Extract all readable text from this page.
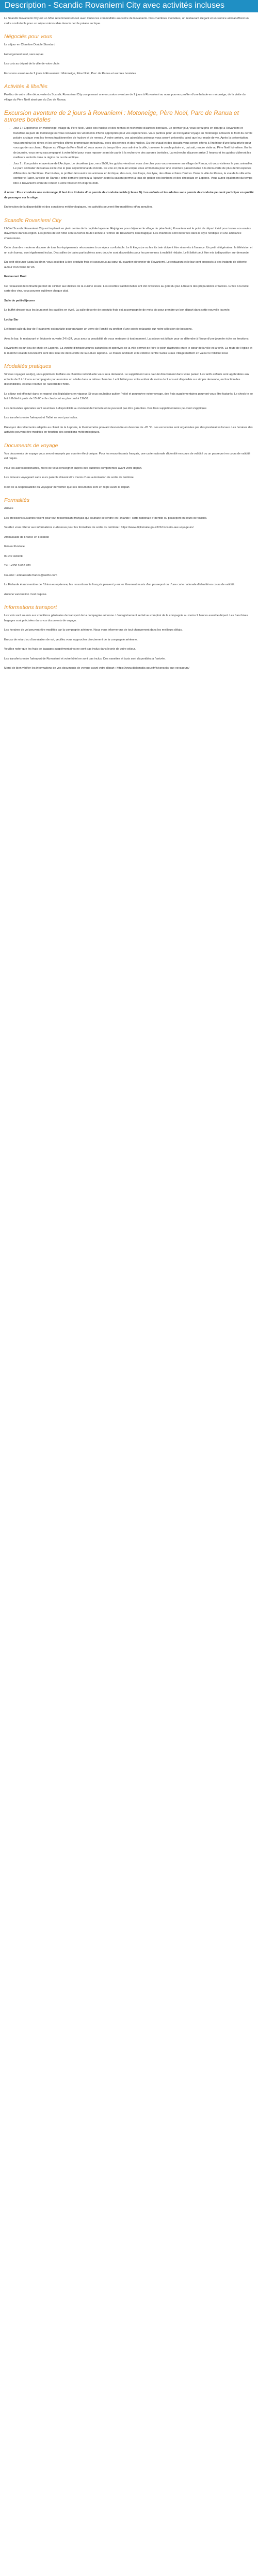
Description - Scandic Rovaniemi City avec activités incluses

Le Scandic Rovaniemi City est un hôtel récemment rénové avec toutes les commodités au centre de Rovaniemi. Des chambres modulées, un restaurant élégant et un service amical offrent un cadre confortable pour un séjour mémorable dans le cercle polaire arctique.

Négociés pour vous

Le séjour en Chambre Double Standard

Hébergement seul, sans repas

Les cots au départ de la ville de votre choix

Excursion aventure de 2 jours à Rovaniemi : Motoneige, Père Noël, Parc de Ranua et aurores boréales

Activités & libellés

Profitez de votre offre découverte du Scandic Rovaniemi City comprenant une excursion aventure de 2 jours à Rovaniemi au nous pourrez profiter d'une balade en motoneige, de la visite du village du Père Noël ainsi que du Zoo de Ranua.

Excursion aventure de 2 jours à Rovaniemi : Motoneige, Père Noël, Parc de Ranua et aurores boréales
• Jour 1 : Expérience en motoneige, village du Père Noël, visite des huskys et des rennes et recherche d'aurores boréales. Le premier jour, vous serez pris en charge à Rovaniemi et transféré au parc de motoneige où vous recevrez les vêtements d'hiver appropriés pour vos expériences. Vous partirez pour un incroyable voyage en motoneige à travers la forêt du cercle polaire arctique vers les fermes traditionnelles de huskys et de rennes. À votre arrivée, vos adorables animaux vous seront présentés, ainsi que leur mode de vie. Après la présentation, vous prendrez les rênes et les semelles d'hiver promenade en traîneau avec des rennes et des huskys. Du thé chaud et des biscuits vous seront offerts à l'intérieur d'une kota privée pour vous garder au chaud. Rejoue au Village du Père Noël où vous aurez du temps libre pour admirer la ville, traverser le cercle polaire et, qui sait, rendre visite au Père Noël lui-même. En fin de journée, vous serez raccompagné à votre hôtel pour vous reposer avant de partir à la recherche des aurores boréales. La recherche d'aurore arrive 2 heures et les guides cibleront les meilleurs endroits dans la région du cercle arctique.
• Jour 2 : Zoo polaire et aventure de l'Arctique. Le deuxième jour, vers 9h30, les guides viendront vous chercher pour vous emmener au village de Ranua, où vous visiterez le parc animalier. Le parc animalier de Ranua est le zoo le plus septentrional du monde. Ce zoo en plein air unique vous emmènera pour une aventure passionnante à la découverte de plus de 50 espèces différentes de l'Arctique. Parmi elles, le profiler découvrira les animaux en Arctique, des ours, des loups, des lynx, des élans et bien d'autres. Dans la ville de Ranua, la vue de la ville et la confiserie Fazer, la visite de Ranua : cette dernière (pensez à l'ajouter avant la saison) permet à tous de goûter des bonbons et des chocolats en Laponie. Vous aurez également du temps libre à Rovaniemi avant de rentrer à votre hôtel en fin d'après-midi.

À noter : Pour conduire une motoneige, il faut être titulaire d'un permis de conduire valide (classe B). Les enfants et les adultes sans permis de conduire peuvent participer en qualité de passager sur le siège.

En fonction de la disponibilité et des conditions météorologiques, les activités peuvent être modifiées et/ou annulées.

Scandic Rovaniemi City

L'hôtel Scandic Rovaniemi City est implanté en plein centre de la capitale laponne. Rejoignez pour déjeuner le village du père Noël, Rovaniemi est le point de départ idéal pour toutes vos envies d'aventure dans la région. Les portes de cet hôtel sont ouvertes toute l'année à l'entrée de Rovaniemi, lieu magique. Les chambres sont décorées dans le style nordique et une ambiance chaleureuse.

Cette chambre moderne dispose de tous les équipements nécessaires à un séjour confortable. Le lit king-size ou les lits twin doivent être réservés à l'avance. Un petit réfrigérateur, la télévision et un coin bureau sont également inclus. Des salles de bains particulières avec douche sont disponibles pour les personnes à mobilité réduite. Le lit bébé peut être mis à disposition sur demande.

Du petit-déjeuner jusqu'au dîner, vous accédez à des produits frais et savoureux au cœur du quartier piétonnier de Rovaniemi. Le restaurant et le bar sont proposés à des instants de détente autour d'un verre de vin.

Restaurant Boel

Ce restaurant décontracté permet de s'initier aux délices de la cuisine locale. Les recettes traditionnelles ont été revisitées au goût du jour à travers des préparations créatives. Grâce à la belle carte des vins, vous pourrez sublimer chaque plat.

Salle de petit-déjeuner

Le buffet dressé tous les jours met les papilles en éveil. La salle décorée de produits frais est accompagnée de mets bio pour prendre un bon départ dans cette nouvelle journée.

Lobby Bar

L'élégant salle du bar de Rovaniemi est parfaite pour partager un verre de l'amitié ou profiter d'une soirée relaxante sur notre sélection de boissons.

Avec le bar, le restaurant et l'épicerie ouverte 24 h/24, vous avez la possibilité de vous restaurer à tout moment. La saison est idéale pour se détendre à l'issue d'une journée riche en émotions.

Rovaniemi est un lieu de choix en Laponie. La variété d'infrastructures culturelles et sportives de la ville permet de faire le plein d'activités entre le cœur de la ville et la forêt. La route de l'église et le marché local de Rovaniemi sont des lieux de découverte de la culture laponne. Le musée Arktikum et le célèbre centre Santa Claus Village mettent en valeur le folklore local.

Modalités pratiques

Si vous voyagez seul(e), un supplément tarifaire en chambre individuelle vous sera demandé. Le supplément sera calculé directement dans votre panier. Les tarifs enfants sont applicables aux enfants de 2 à 12 ans accompagnés par au moins un adulte dans la même chambre. Le lit bébé pour votre enfant de moins de 2 ans est disponible sur simple demande, en fonction des disponibilités, et sous réserve de l'accord de l'hôtel.

Le séjour est effectué dans le respect des législations en vigueur. Si vous souhaitez quitter l'hôtel et poursuivre votre voyage, des frais supplémentaires pourront vous être facturés. Le check-in se fait à l'hôtel à partir de 15h00 et le check-out au plus tard à 12h00.

Les demandes spéciales sont soumises à disponibilité au moment de l'arrivée et ne peuvent pas être garanties. Des frais supplémentaires peuvent s'appliquer.

Les transferts entre l'aéroport et l'hôtel ne sont pas inclus.

Prévoyez des vêtements adaptés au climat de la Laponie, le thermomètre pouvant descendre en dessous de -20 °C. Les excursions sont organisées par des prestataires locaux. Les horaires des activités peuvent être modifiés en fonction des conditions météorologiques.

Documents de voyage

Vos documents de voyage vous seront envoyés par courrier électronique. Pour les ressortissants français, une carte nationale d'identité en cours de validité ou un passeport en cours de validité est requis.

Pour les autres nationalités, merci de vous renseigner auprès des autorités compétentes avant votre départ.

Les mineurs voyageant sans leurs parents doivent être munis d'une autorisation de sortie de territoire.

Il est de la responsabilité du voyageur de vérifier que ses documents sont en règle avant le départ.

Formalités

Arrivée

Les précisions suivantes valent pour tout ressortissant français qui souhaite se rendre en Finlande : carte nationale d'identité ou passeport en cours de validité.

Veuillez vous référer aux informations ci-dessous pour les formalités de sortie du territoire : https://www.diplomatie.gouv.fr/fr/conseils-aux-voyageurs/

Ambassade de France en Finlande

Itainen Puistotie

00140 Helsinki

Tél : +358 9 618 780

Courriel : ambassade.france@welho.com

La Finlande étant membre de l'Union européenne, les ressortissants français peuvent y entrer librement munis d'un passeport ou d'une carte nationale d'identité en cours de validité.

Aucune vaccination n'est requise.

Informations transport

Les vols sont soumis aux conditions générales de transport de la compagnie aérienne. L'enregistrement se fait au comptoir de la compagnie au moins 2 heures avant le départ. Les franchises bagages sont précisées dans vos documents de voyage.

Les horaires de vol peuvent être modifiés par la compagnie aérienne. Nous vous informerons de tout changement dans les meilleurs délais.

En cas de retard ou d'annulation de vol, veuillez vous rapprocher directement de la compagnie aérienne.

Veuillez noter que les frais de bagages supplémentaires ne sont pas inclus dans le prix de votre séjour.

Les transferts entre l'aéroport de Rovaniemi et votre hôtel ne sont pas inclus. Des navettes et taxis sont disponibles à l'arrivée.

Merci de bien vérifier les informations de vos documents de voyage avant votre départ : https://www.diplomatie.gouv.fr/fr/conseils-aux-voyageurs/
